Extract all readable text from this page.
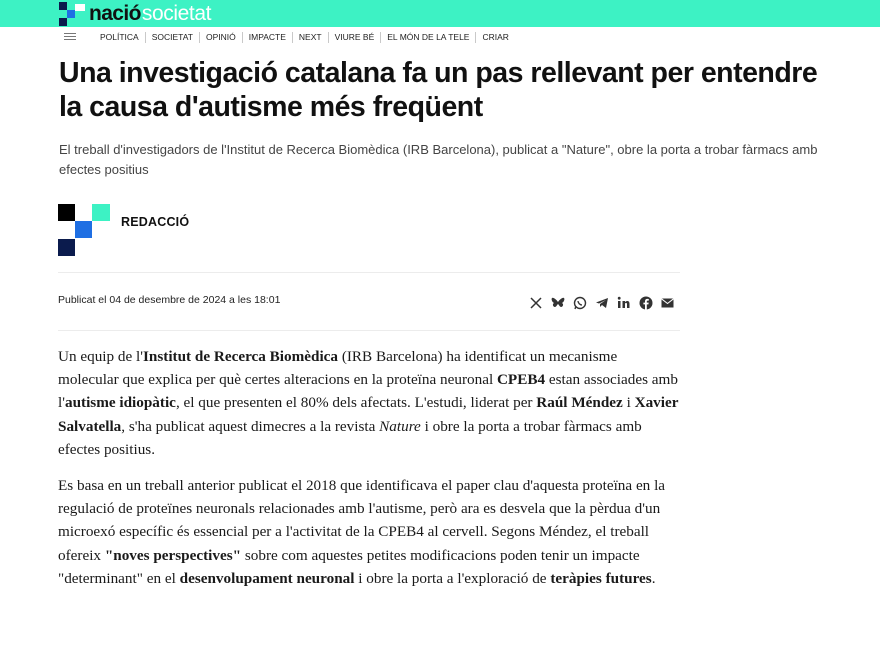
nació societat
POLÍTICA	SOCIETAT	OPINIÓ	IMPACTE	NEXT	VIURE BÉ	EL MÓN DE LA TELE	CRIAR
Una investigació catalana fa un pas rellevant per entendre la causa d'autisme més freqüent

El treball d'investigadors de l'Institut de Recerca Biomèdica (IRB Barcelona), publicat a "Nature", obre la porta a trobar fàrmacs amb efectes positius

REDACCIÓ
Publicat el 04 de desembre de 2024 a les 18:01

Un equip de l'Institut de Recerca Biomèdica (IRB Barcelona) ha identificat un mecanisme molecular que explica per què certes alteracions en la proteïna neuronal CPEB4 estan associades amb l'autisme idiopàtic, el que presenten el 80% dels afectats. L'estudi, liderat per Raúl Méndez i Xavier Salvatella, s'ha publicat aquest dimecres a la revista Nature i obre la porta a trobar fàrmacs amb efectes positius.

Es basa en un treball anterior publicat el 2018 que identificava el paper clau d'aquesta proteïna en la regulació de proteïnes neuronals relacionades amb l'autisme, però ara es desvela que la pèrdua d'un microexó específic és essencial per a l'activitat de la CPEB4 al cervell. Segons Méndez, el treball ofereix "noves perspectives" sobre com aquestes petites modificacions poden tenir un impacte "determinant" en el desenvolupament neuronal i obre la porta a l'exploració de teràpies futures.
